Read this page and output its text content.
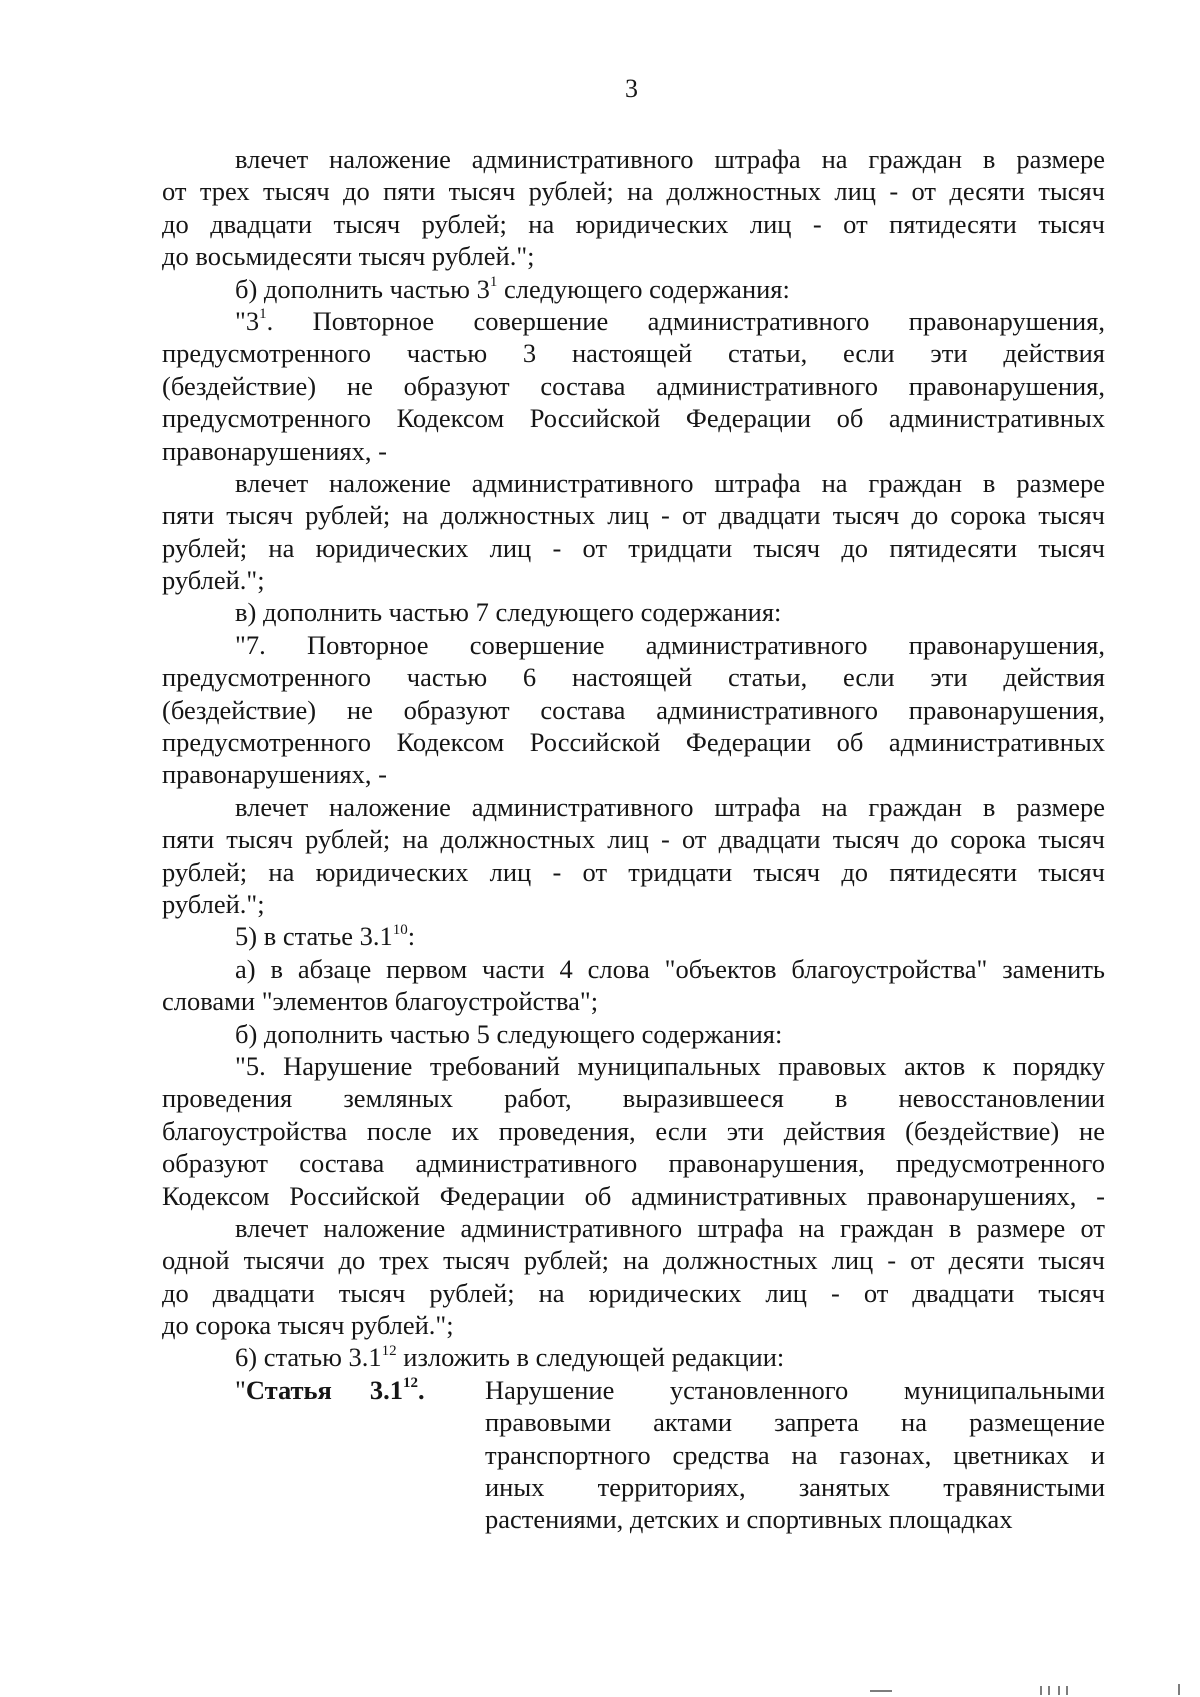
3
влечет наложение административного штрафа на граждан в размере
от трех тысяч до пяти тысяч рублей; на должностных лиц - от десяти тысяч
до двадцати тысяч рублей; на юридических лиц - от пятидесяти тысяч
до восьмидесяти тысяч рублей.";
б) дополнить частью $3^1$ следующего содержания:
"$3^1$. Повторное совершение административного правонарушения,
предусмотренного частью 3 настоящей статьи, если эти действия
(бездействие) не образуют состава административного правонарушения,
предусмотренного Кодексом Российской Федерации об административных
правонарушениях, -
влечет наложение административного штрафа на граждан в размере
пяти тысяч рублей; на должностных лиц - от двадцати тысяч до сорока тысяч
рублей; на юридических лиц - от тридцати тысяч до пятидесяти тысяч
рублей.";
в) дополнить частью 7 следующего содержания:
"7. Повторное совершение административного правонарушения,
предусмотренного частью 6 настоящей статьи, если эти действия
(бездействие) не образуют состава административного правонарушения,
предусмотренного Кодексом Российской Федерации об административных
правонарушениях, -
влечет наложение административного штрафа на граждан в размере
пяти тысяч рублей; на должностных лиц - от двадцати тысяч до сорока тысяч
рублей; на юридических лиц - от тридцати тысяч до пятидесяти тысяч
рублей.";
5) в статье $3.1^{10}$:
а) в абзаце первом части 4 слова "объектов благоустройства" заменить
словами "элементов благоустройства";
б) дополнить частью 5 следующего содержания:
"5. Нарушение требований муниципальных правовых актов к порядку
проведения земляных работ, выразившееся в невосстановлении
благоустройства после их проведения, если эти действия (бездействие) не
образуют состава административного правонарушения, предусмотренного
Кодексом Российской Федерации об административных правонарушениях, -
влечет наложение административного штрафа на граждан в размере от
одной тысячи до трех тысяч рублей; на должностных лиц - от десяти тысяч
до двадцати тысяч рублей; на юридических лиц - от двадцати тысяч
до сорока тысяч рублей.";
6) статью $3.1^{12}$ изложить в следующей редакции:
"Статья $3.1^{12}$. Нарушение установленного муниципальными
правовыми актами запрета на размещение
транспортного средства на газонах, цветниках и
иных территориях, занятых травянистыми
растениями, детских и спортивных площадках
